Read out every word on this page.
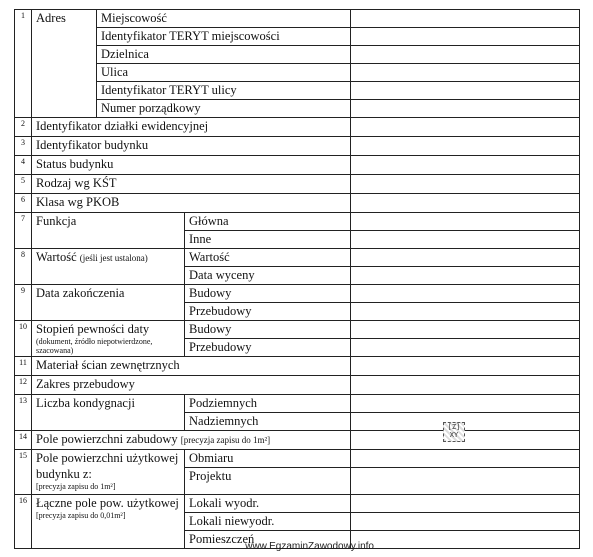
1	Adres	Miejscowość		
		Identyfikator TERYT miejscowości		
		Dzielnica		
		Ulica		
		Identyfikator TERYT ulicy		
		Numer porządkowy		
2	Identyfikator działki ewidencyjnej			
3	Identyfikator budynku			
4	Status budynku			
5	Rodzaj wg KŚT			
6	Klasa wg PKOB			
7	Funkcja		Główna	
			Inne	
8	Wartość (jeśli jest ustalona)		Wartość	
			Data wyceny	
9	Data zakończenia		Budowy	
			Przebudowy	
10	Stopień pewności daty
(dokument, źródło niepotwierdzone, szacowana)		Budowy	
			Przebudowy	
11	Materiał ścian zewnętrznych			
12	Zakres przebudowy			
13	Liczba kondygnacji		Podziemnych	
			Nadziemnych	
14	Pole powierzchni zabudowy [precyzja zapisu do 1m²]			
15	Pole powierzchni użytkowej budynku z:
[precyzja zapisu do 1m²]		Obmiaru	
			Projektu	
16	Łączne pole pow. użytkowej
[precyzja zapisu do 0,01m²]		Lokali wyodr.	
			Lokali niewyodr.	
			Pomieszczeń	
[Z] XY
www.EgzaminZawodowy.info
